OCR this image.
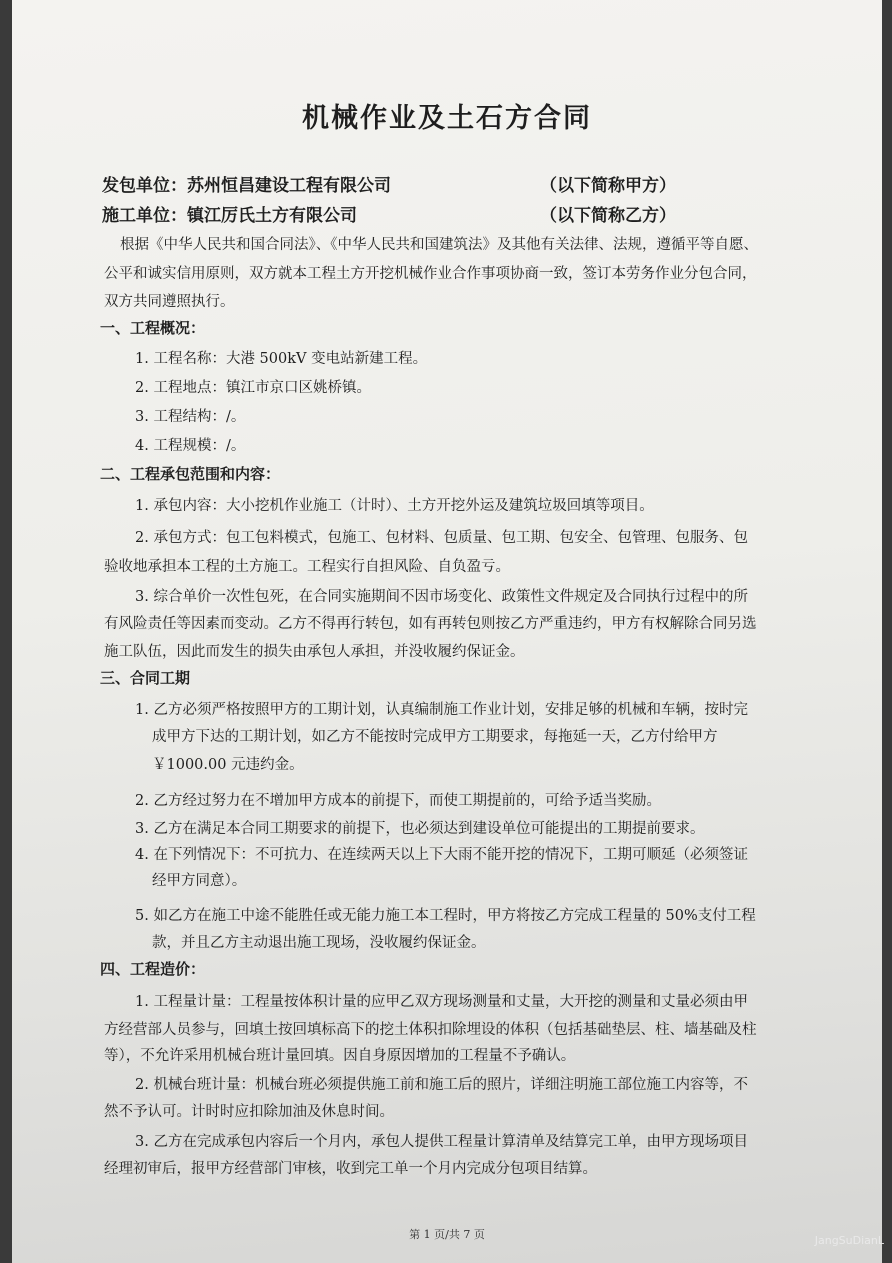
机械作业及土石方合同
发包单位：苏州恒昌建设工程有限公司	（以下简称甲方）
施工单位：镇江厉氏土方有限公司	（以下简称乙方）
根据《中华人民共和国合同法》、《中华人民共和国建筑法》及其他有关法律、法规，遵循平等自愿、
公平和诚实信用原则，双方就本工程土方开挖机械作业合作事项协商一致，签订本劳务作业分包合同，
双方共同遵照执行。
一、工程概况：
1. 工程名称：大港 500kV 变电站新建工程。
2. 工程地点：镇江市京口区姚桥镇。
3. 工程结构：/。
4. 工程规模：/。
二、工程承包范围和内容：
1. 承包内容：大小挖机作业施工（计时）、土方开挖外运及建筑垃圾回填等项目。
2. 承包方式：包工包料模式，包施工、包材料、包质量、包工期、包安全、包管理、包服务、包
验收地承担本工程的土方施工。工程实行自担风险、自负盈亏。
3. 综合单价一次性包死，在合同实施期间不因市场变化、政策性文件规定及合同执行过程中的所
有风险责任等因素而变动。乙方不得再行转包，如有再转包则按乙方严重违约，甲方有权解除合同另选
施工队伍，因此而发生的损失由承包人承担，并没收履约保证金。
三、合同工期
1. 乙方必须严格按照甲方的工期计划，认真编制施工作业计划，安排足够的机械和车辆，按时完
成甲方下达的工期计划，如乙方不能按时完成甲方工期要求，每拖延一天，乙方付给甲方
￥1000.00 元违约金。
2. 乙方经过努力在不增加甲方成本的前提下，而使工期提前的，可给予适当奖励。
3. 乙方在满足本合同工期要求的前提下，也必须达到建设单位可能提出的工期提前要求。
4. 在下列情况下：不可抗力、在连续两天以上下大雨不能开挖的情况下，工期可顺延（必须签证
经甲方同意）。
5. 如乙方在施工中途不能胜任或无能力施工本工程时，甲方将按乙方完成工程量的 50%支付工程
款，并且乙方主动退出施工现场，没收履约保证金。
四、工程造价：
1. 工程量计量：工程量按体积计量的应甲乙双方现场测量和丈量，大开挖的测量和丈量必须由甲
方经营部人员参与，回填土按回填标高下的挖土体积扣除埋设的体积（包括基础垫层、柱、墙基础及柱
等），不允许采用机械台班计量回填。因自身原因增加的工程量不予确认。
2. 机械台班计量：机械台班必须提供施工前和施工后的照片，详细注明施工部位施工内容等，不
然不予认可。计时时应扣除加油及休息时间。
3. 乙方在完成承包内容后一个月内，承包人提供工程量计算清单及结算完工单，由甲方现场项目
经理初审后，报甲方经营部门审核，收到完工单一个月内完成分包项目结算。
第 1 页/共 7 页	JangSuDianL
